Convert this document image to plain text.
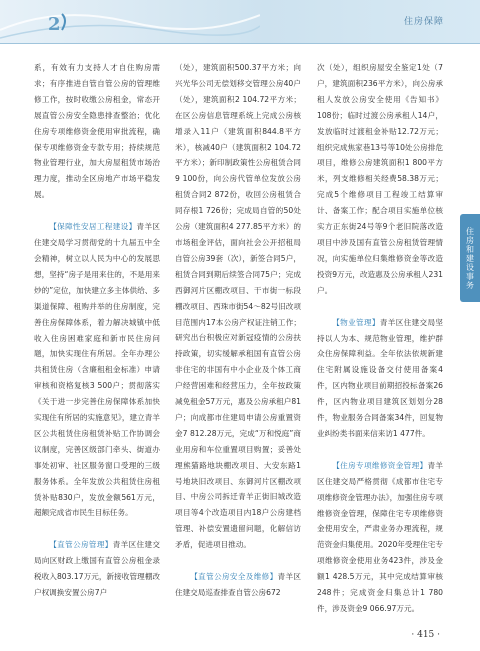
2	住房保障

系，有效有力支持人才自住购房需求；有序推进自管自管公房的管理维修工作，按时收缴公房租金，常态开展直管公房安全隐患排查整治；优化住房专项维修资金使用审批流程，确保专项维修资金专款专用；持续规范物业管理行业，加大房屋租赁市场治理力度，推动全区房地产市场平稳发展。

【保障性安居工程建设】青羊区住建交局学习贯彻党的十九届五中全会精神，树立以人民为中心的发展思想，坚持“房子是用来住的，不是用来炒的”定位，加快建立多主体供给、多渠道保障、租购并举的住房制度，完善住房保障体系，着力解决城镇中低收入住房困难家庭和新市民住房问题，加快实现住有所居。全年办理公共租赁住房（含廉租租金标准）申请审核和资格复核3 500户；贯彻落实《关于进一步完善住房保障体系加快实现住有所居的实施意见》，建立青羊区公共租赁住房租赁补贴工作协调会议制度，完善区级部门牵头、街道办事处初审、社区服务窗口受理的三级服务体系。全年发放公共租赁住房租赁补贴830户，发放金额561万元，超额完成省市民生目标任务。

【直管公房管理】青羊区住建交局向区财政上缴国有直管公房租金录税收入803.17万元，新接收管理棚改户权调换安置公房7户

（处），建筑面积500.37平方米；向兴光华公司无偿划移交管理公房40户（处），建筑面积2 104.72平方米；在区公房信息管理系统上完成公房核增录入11户（建筑面积844.8平方米），核减40户（建筑面积2 104.72平方米）；新印制政策性公房租赁合同9 100份，向公房代管单位发放公房租赁合同2 872份，收回公房租赁合同存根1 726份；完成局自管的50处公房（建筑面积4 277.85平方米）的市场租金评估，面向社会公开招租局自管公房39套（次），新签合同5户，租赁合同到期后续签合同75户；完成西御河片区棚改项目、干市街一标段棚改项目、西珠市街54～82号旧改项目范围内17本公房产权证注销工作；研究出台积极应对新冠疫情的公房扶持政策，切实缓解承租国有直管公房非住宅的非国有中小企业及个体工商户经营困难和经营压力，全年按政策减免租金57万元，惠及公房承租户81户；向成都市住建局申请公房重置资金7 812.28万元，完成“万和悦庭”商业用房和车位重置项目购置；妥善处理熊猫路地块棚改项目、大安东路1号地块旧改项目、东御河片区棚改项目、中房公司拆迁青羊正街旧城改造项目等4个改造项目内18户公房建档管理、补偿安置遗留问题，化解信访矛盾，促进项目推动。

【直管公房安全及维修】青羊区住建交局巡查排查自管公房672

次（处），组织房屋安全鉴定1处（7户，建筑面积236平方米），向公房承租人发放公房安全使用《告知书》108份；临时过渡公房承租人14户，发放临时过渡租金补贴12.72万元；组织完成焦家巷13号等10处公房排危项目，维修公房建筑面积1 800平方米，列支维修相关经费58.38万元；完成5个维修项目工程竣工结算审计、备案工作；配合项目实施单位核实方正东街24号等9个老旧院落改造项目中涉及国有直管公房租赁管理情况，向实施单位归集维修资金等改造投资9万元，改造惠及公房承租人231户。

【物业管理】青羊区住建交局坚持以人为本、规范物业管理，维护群众住房保障利益。全年依法依规新建住宅附属设施设备交付使用备案4件，区内物业项目前期招投标备案26件，区内物业项目建筑区划划分28件，物业服务合同备案34件，回复物业纠纷类书面来信来访1 477件。

【住房专项维修资金管理】青羊区住建交局严格贯彻《成都市住宅专项维修资金管理办法》，加强住房专项维修资金管理，保障住宅专项维修资金使用安全，严肃业务办理流程，规范资金归集使用。2020年受理住宅专项维修资金使用业务423件，涉及金额1 428.5万元，其中完成结算审核248件；完成资金归集总计1 780件，涉及资金9 066.97万元。

住房和建设事务
· 415 ·
